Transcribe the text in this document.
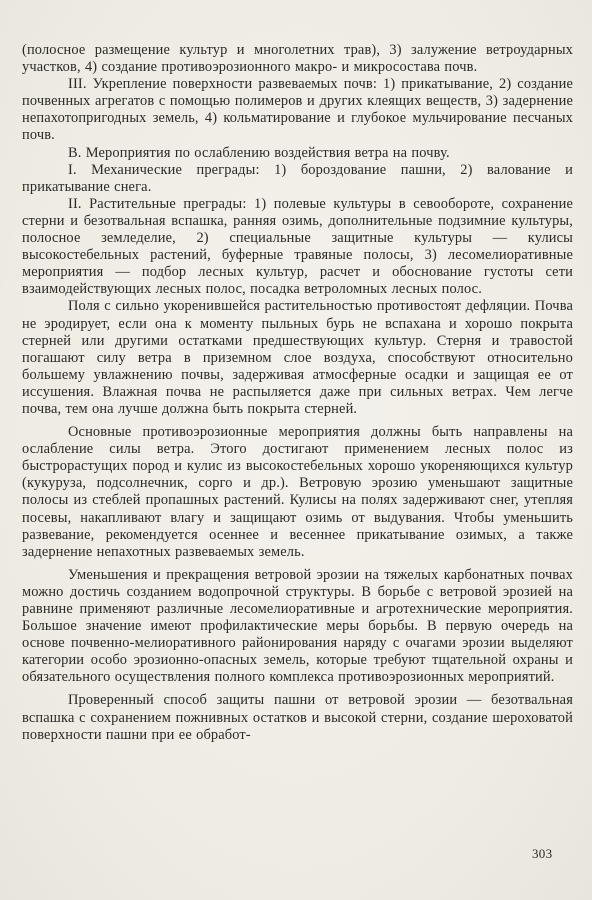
(полосное размещение культур и многолетних трав), 3) залужение ветроударных участков, 4) создание противоэрозионного макро- и микросостава почв.

III. Укрепление поверхности развеваемых почв: 1) прикатывание, 2) создание почвенных агрегатов с помощью полимеров и других клеящих веществ, 3) задернение непахотопригодных земель, 4) кольматирование и глубокое мульчирование песчаных почв.

В. Мероприятия по ослаблению воздействия ветра на почву.

I. Механические преграды: 1) бороздование пашни, 2) валование и прикатывание снега.

II. Растительные преграды: 1) полевые культуры в севообороте, сохранение стерни и безотвальная вспашка, ранняя озимь, дополнительные подзимние культуры, полосное земледелие, 2) специальные защитные культуры — кулисы высокостебельных растений, буферные травяные полосы, 3) лесомелиоративные мероприятия — подбор лесных культур, расчет и обоснование густоты сети взаимодействующих лесных полос, посадка ветроломных лесных полос.

Поля с сильно укоренившейся растительностью противостоят дефляции. Почва не эродирует, если она к моменту пыльных бурь не вспахана и хорошо покрыта стерней или другими остатками предшествующих культур. Стерня и травостой погашают силу ветра в приземном слое воздуха, способствуют относительно большему увлажнению почвы, задерживая атмосферные осадки и защищая ее от иссушения. Влажная почва не распыляется даже при сильных ветрах. Чем легче почва, тем она лучше должна быть покрыта стерней.

Основные противоэрозионные мероприятия должны быть направлены на ослабление силы ветра. Этого достигают применением лесных полос из быстрорастущих пород и кулис из высокостебельных хорошо укореняющихся культур (кукуруза, подсолнечник, сорго и др.). Ветровую эрозию уменьшают защитные полосы из стеблей пропашных растений. Кулисы на полях задерживают снег, утепляя посевы, накапливают влагу и защищают озимь от выдувания. Чтобы уменьшить развевание, рекомендуется осеннее и весеннее прикатывание озимых, а также задернение непахотных развеваемых земель.

Уменьшения и прекращения ветровой эрозии на тяжелых карбонатных почвах можно достичь созданием водопрочной структуры. В борьбе с ветровой эрозией на равнине применяют различные лесомелиоративные и агротехнические мероприятия. Большое значение имеют профилактические меры борьбы. В первую очередь на основе почвенно-мелиоративного районирования наряду с очагами эрозии выделяют категории особо эрозионно-опасных земель, которые требуют тщательной охраны и обязательного осуществления полного комплекса противоэрозионных мероприятий.

Проверенный способ защиты пашни от ветровой эрозии — безотвальная вспашка с сохранением пожнивных остатков и высокой стерни, создание шероховатой поверхности пашни при ее обработ-

303
